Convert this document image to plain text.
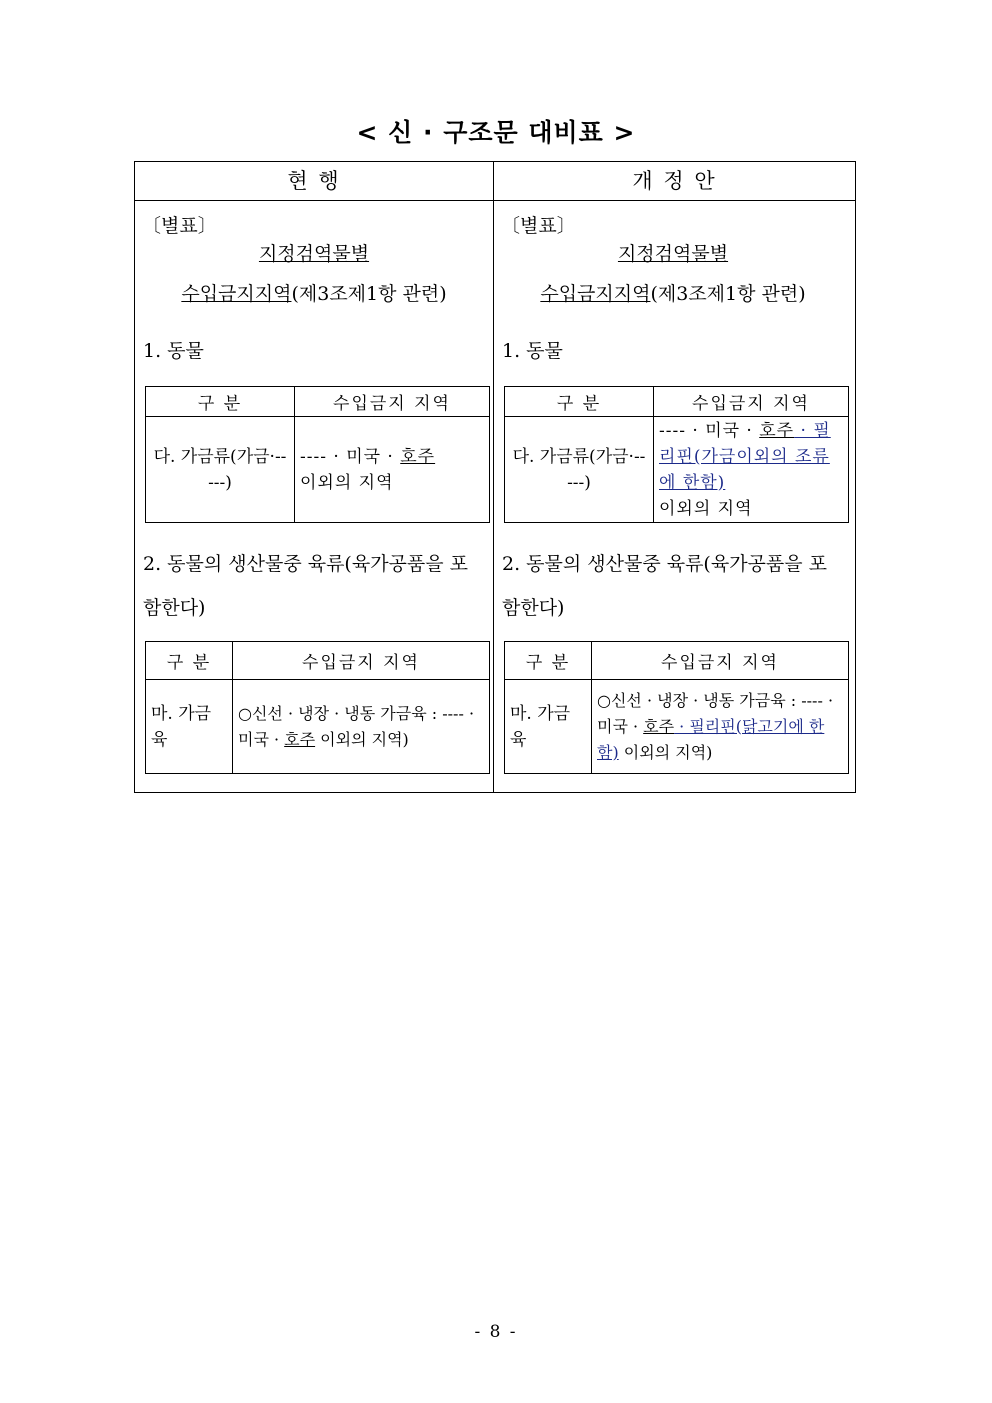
< 신 · 구조문 대비표 >
현 행	개 정 안
〔별표〕
지정검역물별
수입금지지역(제3조제1항 관련)
1. 동물
구 분	수입금지 지역
다. 가금류(가금·-----)	---- · 미국 · 호주
이외의 지역
2. 동물의 생산물중 육류(육가공품을 포함한다)
구 분	수입금지 지역
마. 가금육	○신선 · 냉장 · 냉동 가금육 : ---- · 미국 · 호주 이외의 지역)
〔별표〕
지정검역물별
수입금지지역(제3조제1항 관련)
1. 동물
구 분	수입금지 지역
다. 가금류(가금·-----)	---- · 미국 · 호주 · 필리핀(가금이외의 조류에 한함)
이외의 지역
2. 동물의 생산물중 육류(육가공품을 포함한다)
구 분	수입금지 지역
마. 가금육	○신선 · 냉장 · 냉동 가금육 : ---- · 미국 · 호주 · 필리핀(닭고기에 한함) 이외의 지역)
- 8 -
